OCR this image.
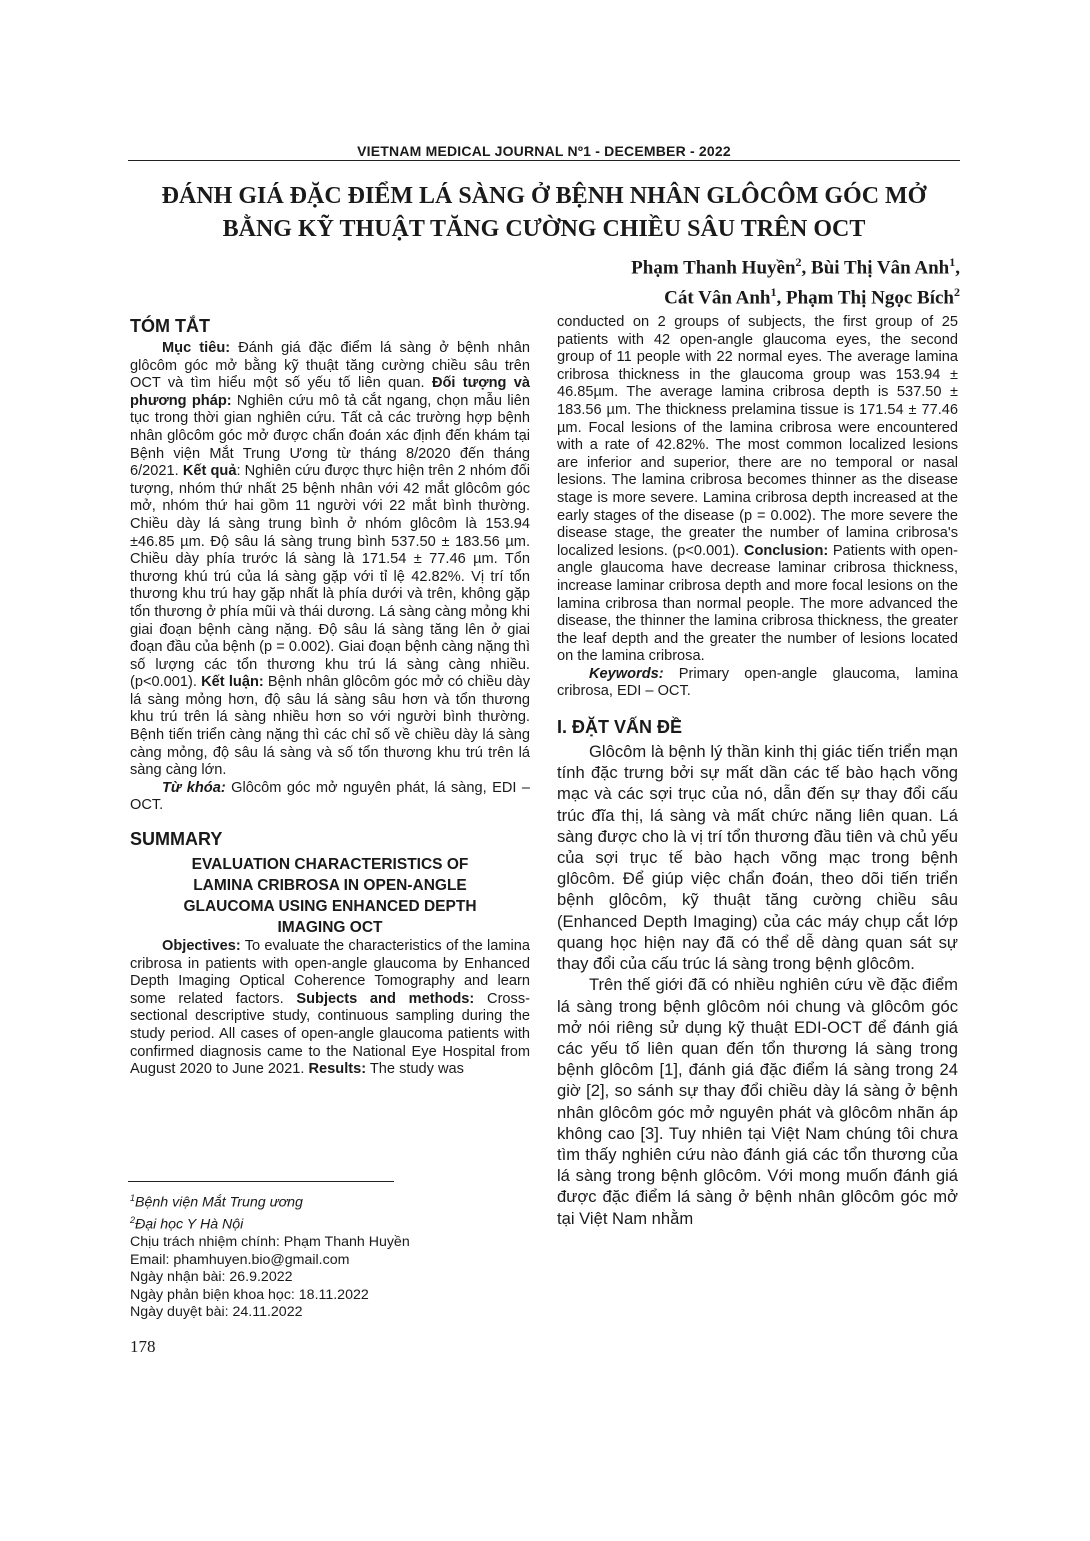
VIETNAM MEDICAL JOURNAL Nº1 - DECEMBER - 2022
ĐÁNH GIÁ ĐẶC ĐIỂM LÁ SÀNG Ở BỆNH NHÂN GLÔCÔM GÓC MỞ
BẰNG KỸ THUẬT TĂNG CƯỜNG CHIỀU SÂU TRÊN OCT
Phạm Thanh Huyền$^2$, Bùi Thị Vân Anh$^1$,
Cát Vân Anh$^1$, Phạm Thị Ngọc Bích$^2$
TÓM TẮT

Mục tiêu: Đánh giá đặc điểm lá sàng ở bệnh nhân glôcôm góc mở bằng kỹ thuật tăng cường chiều sâu trên OCT và tìm hiểu một số yếu tố liên quan. Đối tượng và phương pháp: Nghiên cứu mô tả cắt ngang, chọn mẫu liên tục trong thời gian nghiên cứu. Tất cả các trường hợp bệnh nhân glôcôm góc mở được chẩn đoán xác định đến khám tại Bệnh viện Mắt Trung Ương từ tháng 8/2020 đến tháng 6/2021. Kết quả: Nghiên cứu được thực hiện trên 2 nhóm đối tượng, nhóm thứ nhất 25 bệnh nhân với 42 mắt glôcôm góc mở, nhóm thứ hai gồm 11 người với 22 mắt bình thường. Chiều dày lá sàng trung bình ở nhóm glôcôm là 153.94 ±46.85 µm. Độ sâu lá sàng trung bình 537.50 ± 183.56 µm. Chiều dày phía trước lá sàng là 171.54 ± 77.46 µm. Tổn thương khú trú của lá sàng gặp với tỉ lệ 42.82%. Vị trí tổn thương khu trú hay gặp nhất là phía dưới và trên, không gặp tổn thương ở phía mũi và thái dương. Lá sàng càng mỏng khi giai đoạn bệnh càng nặng. Độ sâu lá sàng tăng lên ở giai đoạn đầu của bệnh (p = 0.002). Giai đoạn bệnh càng nặng thì số lượng các tổn thương khu trú lá sàng càng nhiều. (p<0.001). Kết luận: Bệnh nhân glôcôm góc mở có chiều dày lá sàng mỏng hơn, độ sâu lá sàng sâu hơn và tổn thương khu trú trên lá sàng nhiều hơn so với người bình thường. Bệnh tiến triển càng nặng thì các chỉ số về chiều dày lá sàng càng mỏng, độ sâu lá sàng và số tổn thương khu trú trên lá sàng càng lớn.

Từ khóa: Glôcôm góc mở nguyên phát, lá sàng, EDI – OCT.

SUMMARY
EVALUATION CHARACTERISTICS OF LAMINA CRIBROSA IN OPEN-ANGLE GLAUCOMA USING ENHANCED DEPTH IMAGING OCT

Objectives: To evaluate the characteristics of the lamina cribrosa in patients with open-angle glaucoma by Enhanced Depth Imaging Optical Coherence Tomography and learn some related factors. Subjects and methods: Cross-sectional descriptive study, continuous sampling during the study period. All cases of open-angle glaucoma patients with confirmed diagnosis came to the National Eye Hospital from August 2020 to June 2021. Results: The study was

$^1$Bệnh viện Mắt Trung ương
$^2$Đại học Y Hà Nội
Chịu trách nhiệm chính: Phạm Thanh Huyền
Email: phamhuyen.bio@gmail.com
Ngày nhận bài: 26.9.2022
Ngày phản biện khoa học: 18.11.2022
Ngày duyệt bài: 24.11.2022
178

conducted on 2 groups of subjects, the first group of 25 patients with 42 open-angle glaucoma eyes, the second group of 11 people with 22 normal eyes. The average lamina cribrosa thickness in the glaucoma group was 153.94 ± 46.85µm. The average lamina cribrosa depth is 537.50 ± 183.56 µm. The thickness prelamina tissue is 171.54 ± 77.46 µm. Focal lesions of the lamina cribrosa were encountered with a rate of 42.82%. The most common localized lesions are inferior and superior, there are no temporal or nasal lesions. The lamina cribrosa becomes thinner as the disease stage is more severe. Lamina cribrosa depth increased at the early stages of the disease (p = 0.002). The more severe the disease stage, the greater the number of lamina cribrosa's localized lesions. (p<0.001). Conclusion: Patients with open-angle glaucoma have decrease laminar cribrosa thickness, increase laminar cribrosa depth and more focal lesions on the lamina cribrosa than normal people. The more advanced the disease, the thinner the lamina cribrosa thickness, the greater the leaf depth and the greater the number of lesions located on the lamina cribrosa.

Keywords: Primary open-angle glaucoma, lamina cribrosa, EDI – OCT.

I. ĐẶT VẤN ĐỀ

Glôcôm là bệnh lý thần kinh thị giác tiến triển mạn tính đặc trưng bởi sự mất dần các tế bào hạch võng mạc và các sợi trục của nó, dẫn đến sự thay đổi cấu trúc đĩa thị, lá sàng và mất chức năng liên quan. Lá sàng được cho là vị trí tổn thương đầu tiên và chủ yếu của sợi trục tế bào hạch võng mạc trong bệnh glôcôm. Để giúp việc chẩn đoán, theo dõi tiến triển bệnh glôcôm, kỹ thuật tăng cường chiều sâu (Enhanced Depth Imaging) của các máy chụp cắt lớp quang học hiện nay đã có thể dễ dàng quan sát sự thay đổi của cấu trúc lá sàng trong bệnh glôcôm.

Trên thế giới đã có nhiều nghiên cứu về đặc điểm lá sàng trong bệnh glôcôm nói chung và glôcôm góc mở nói riêng sử dụng kỹ thuật EDI-OCT để đánh giá các yếu tố liên quan đến tổn thương lá sàng trong bệnh glôcôm [1], đánh giá đặc điểm lá sàng trong 24 giờ [2], so sánh sự thay đổi chiều dày lá sàng ở bệnh nhân glôcôm góc mở nguyên phát và glôcôm nhãn áp không cao [3]. Tuy nhiên tại Việt Nam chúng tôi chưa tìm thấy nghiên cứu nào đánh giá các tổn thương của lá sàng trong bệnh glôcôm. Với mong muốn đánh giá được đặc điểm lá sàng ở bệnh nhân glôcôm góc mở tại Việt Nam nhằm
